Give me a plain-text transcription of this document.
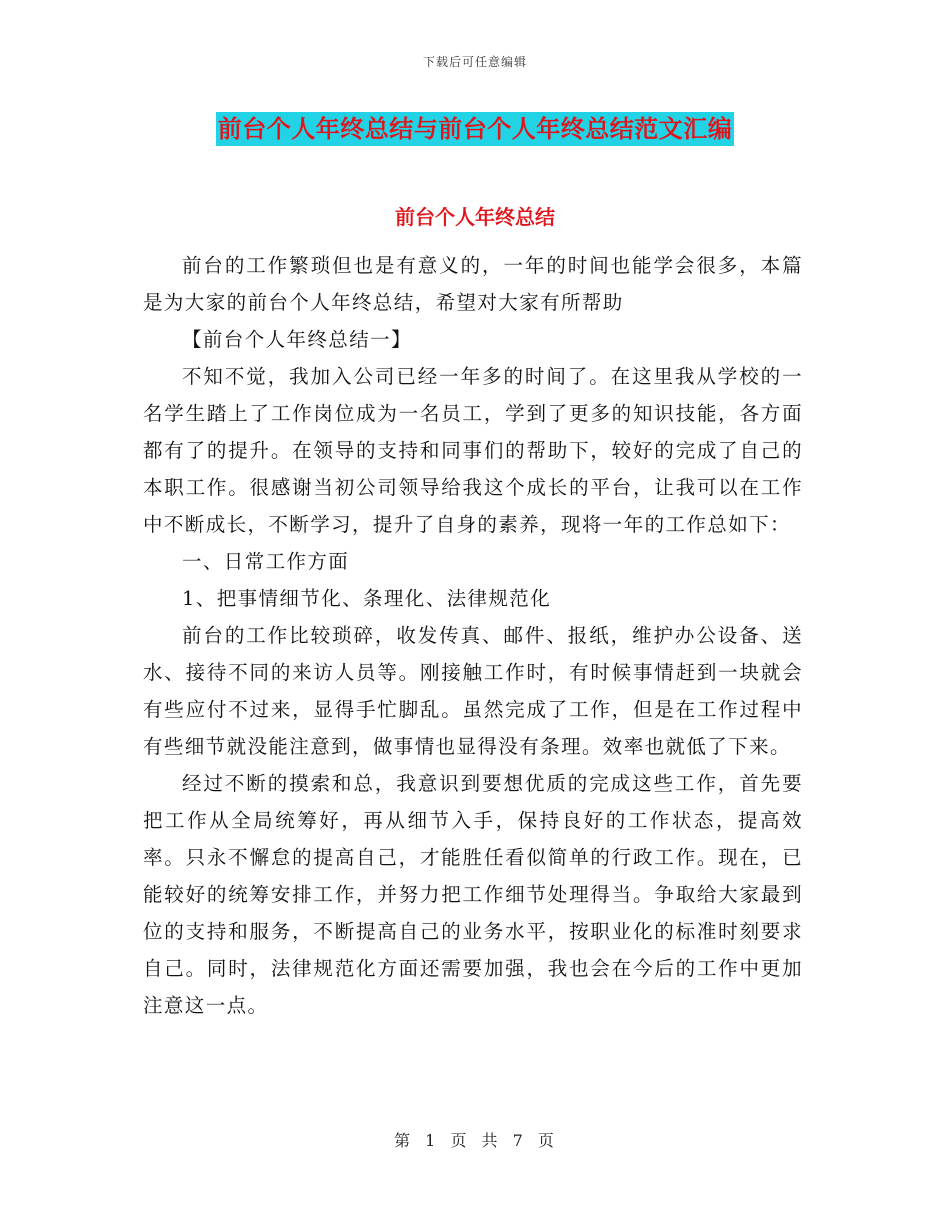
下载后可任意编辑
前台个人年终总结与前台个人年终总结范文汇编
前台个人年终总结

前台的工作繁琐但也是有意义的，一年的时间也能学会很多，本篇是为大家的前台个人年终总结，希望对大家有所帮助

【前台个人年终总结一】

不知不觉，我加入公司已经一年多的时间了。在这里我从学校的一名学生踏上了工作岗位成为一名员工，学到了更多的知识技能，各方面都有了的提升。在领导的支持和同事们的帮助下，较好的完成了自己的本职工作。很感谢当初公司领导给我这个成长的平台，让我可以在工作中不断成长，不断学习，提升了自身的素养，现将一年的工作总如下：

一、日常工作方面

1、把事情细节化、条理化、法律规范化

前台的工作比较琐碎，收发传真、邮件、报纸，维护办公设备、送水、接待不同的来访人员等。刚接触工作时，有时候事情赶到一块就会有些应付不过来，显得手忙脚乱。虽然完成了工作，但是在工作过程中有些细节就没能注意到，做事情也显得没有条理。效率也就低了下来。

经过不断的摸索和总，我意识到要想优质的完成这些工作，首先要把工作从全局统筹好，再从细节入手，保持良好的工作状态，提高效率。只永不懈怠的提高自己，才能胜任看似简单的行政工作。现在，已能较好的统筹安排工作，并努力把工作细节处理得当。争取给大家最到位的支持和服务，不断提高自己的业务水平，按职业化的标准时刻要求自己。同时，法律规范化方面还需要加强，我也会在今后的工作中更加注意这一点。

第 1 页 共 7 页
